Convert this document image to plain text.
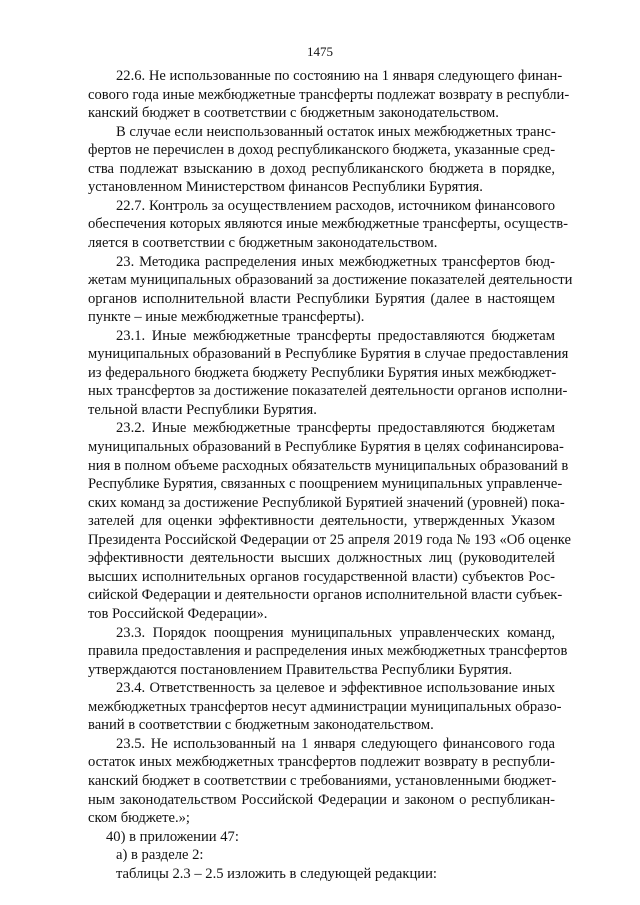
1475
22.6. Не использованные по состоянию на 1 января следующего финан-
сового года иные межбюджетные трансферты подлежат возврату в республи-
канский бюджет в соответствии с бюджетным законодательством.
В случае если неиспользованный остаток иных межбюджетных транс-
фертов не перечислен в доход республиканского бюджета, указанные сред-
ства подлежат взысканию в доход республиканского бюджета в порядке,
установленном Министерством финансов Республики Бурятия.
22.7. Контроль за осуществлением расходов, источником финансового
обеспечения которых являются иные межбюджетные трансферты, осуществ-
ляется в соответствии с бюджетным законодательством.
23. Методика распределения иных межбюджетных трансфертов бюд-
жетам муниципальных образований за достижение показателей деятельности
органов исполнительной власти Республики Бурятия (далее в настоящем
пункте – иные межбюджетные трансферты).
23.1. Иные межбюджетные трансферты предоставляются бюджетам
муниципальных образований в Республике Бурятия в случае предоставления
из федерального бюджета бюджету Республики Бурятия иных межбюджет-
ных трансфертов за достижение показателей деятельности органов исполни-
тельной власти Республики Бурятия.
23.2. Иные межбюджетные трансферты предоставляются бюджетам
муниципальных образований в Республике Бурятия в целях софинансирова-
ния в полном объеме расходных обязательств муниципальных образований в
Республике Бурятия, связанных с поощрением муниципальных управленче-
ских команд за достижение Республикой Бурятией значений (уровней) пока-
зателей для оценки эффективности деятельности, утвержденных Указом
Президента Российской Федерации от 25 апреля 2019 года № 193 «Об оценке
эффективности деятельности высших должностных лиц (руководителей
высших исполнительных органов государственной власти) субъектов Рос-
сийской Федерации и деятельности органов исполнительной власти субъек-
тов Российской Федерации».
23.3. Порядок поощрения муниципальных управленческих команд,
правила предоставления и распределения иных межбюджетных трансфертов
утверждаются постановлением Правительства Республики Бурятия.
23.4. Ответственность за целевое и эффективное использование иных
межбюджетных трансфертов несут администрации муниципальных образо-
ваний в соответствии с бюджетным законодательством.
23.5. Не использованный на 1 января следующего финансового года
остаток иных межбюджетных трансфертов подлежит возврату в республи-
канский бюджет в соответствии с требованиями, установленными бюджет-
ным законодательством Российской Федерации и законом о республикан-
ском бюджете.»;
40) в приложении 47:
а) в разделе 2:
таблицы 2.3 – 2.5 изложить в следующей редакции:
